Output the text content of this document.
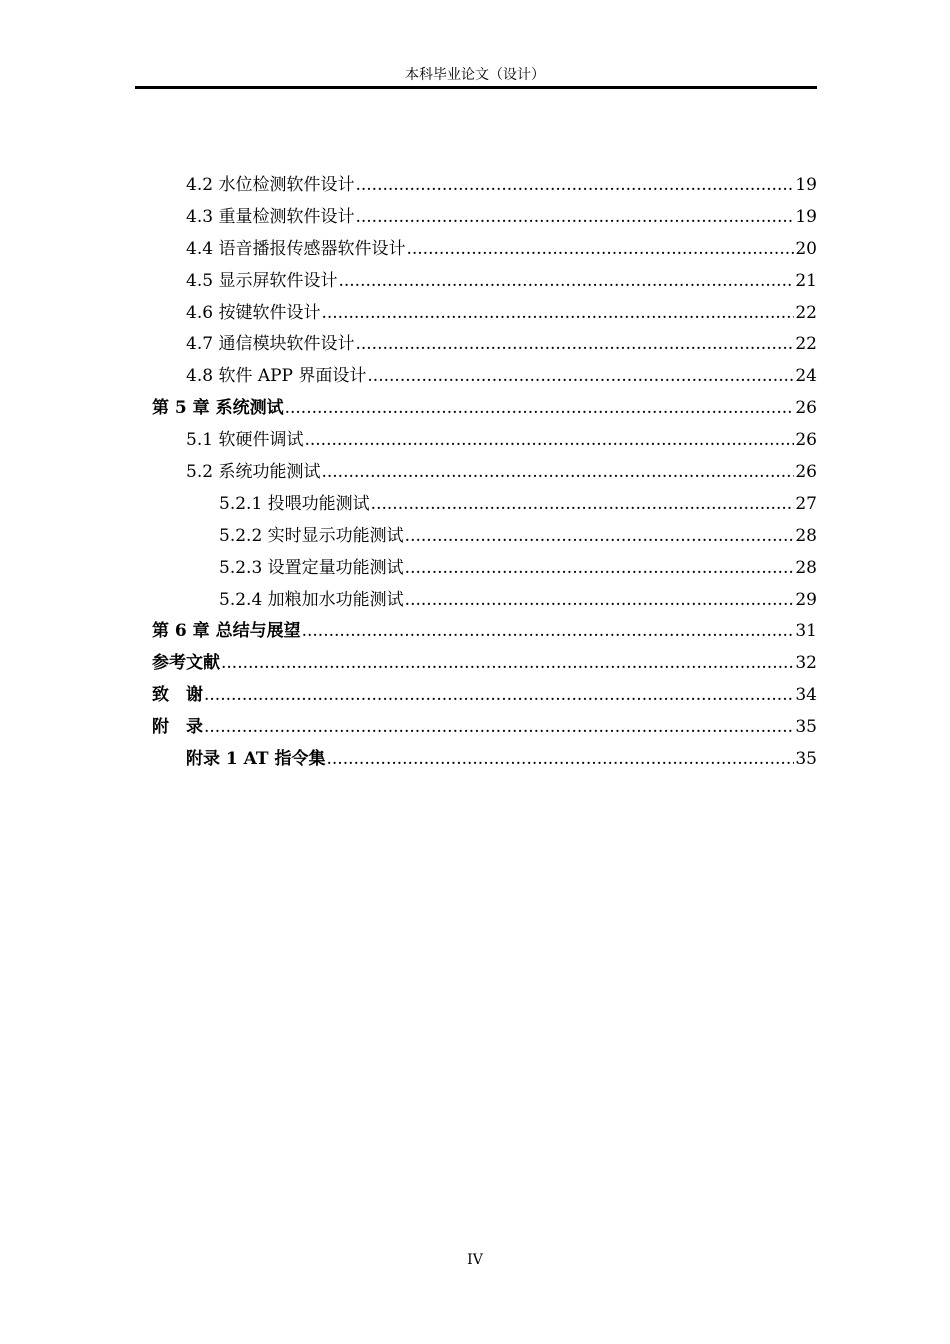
本科毕业论文（设计）
4.2 水位检测软件设计 .....	19
4.3 重量检测软件设计 .....	19
4.4 语音播报传感器软件设计 .....	20
4.5 显示屏软件设计 .....	21
4.6 按键软件设计 .....	22
4.7 通信模块软件设计 .....	22
4.8 软件 APP 界面设计 .....	24
第 5 章 系统测试 .....	26
5.1 软硬件调试 .....	26
5.2 系统功能测试 .....	26
5.2.1 投喂功能测试 .....	27
5.2.2 实时显示功能测试 .....	28
5.2.3 设置定量功能测试 .....	28
5.2.4 加粮加水功能测试 .....	29
第 6 章 总结与展望 .....	31
参考文献 .....	32
致　谢 .....	34
附　录 .....	35
附录 1 AT 指令集 .....	35
IV
